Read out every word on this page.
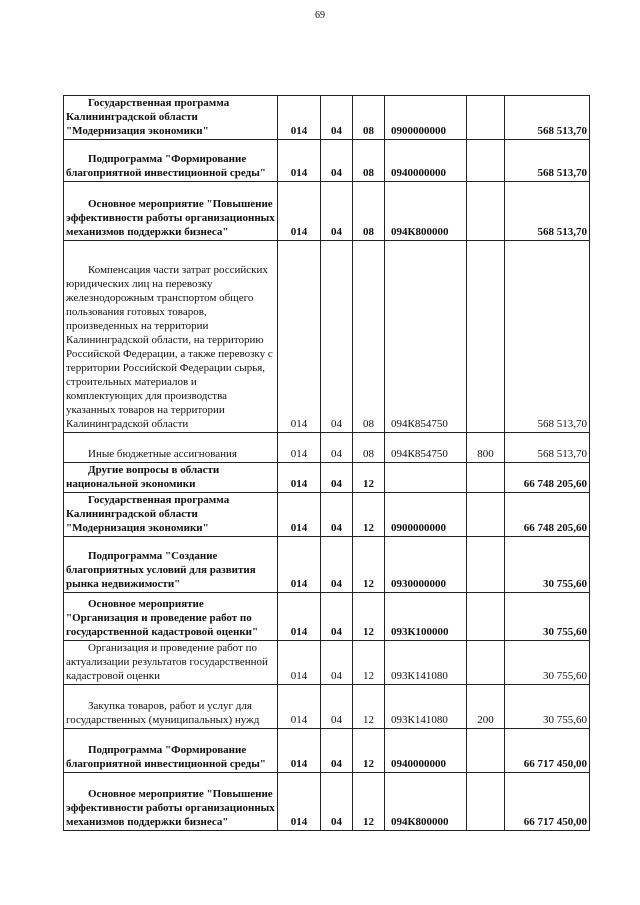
69
Государственная программа Калининградской области "Модернизация экономики"	014	04	08	0900000000		568 513,70

Подпрограмма "Формирование благоприятной инвестиционной среды"	014	04	08	0940000000		568 513,70

Основное мероприятие "Повышение эффективности работы организационных механизмов поддержки бизнеса"	014	04	08	094К800000		568 513,70

Компенсация части затрат российских юридических лиц на перевозку железнодорожным транспортом общего пользования готовых товаров, произведенных на территории Калининградской области, на территорию Российской Федерации, а также перевозку с территории Российской Федерации сырья, строительных материалов и комплектующих для производства указанных товаров на территории Калининградской области	014	04	08	094К854750		568 513,70

Иные бюджетные ассигнования	014	04	08	094К854750	800	568 513,70

Другие вопросы в области национальной экономики	014	04	12			66 748 205,60

Государственная программа Калининградской области "Модернизация экономики"	014	04	12	0900000000		66 748 205,60

Подпрограмма "Создание благоприятных условий для развития рынка недвижимости"	014	04	12	0930000000		30 755,60

Основное мероприятие "Организация и проведение работ по государственной кадастровой оценки"	014	04	12	093К100000		30 755,60

Организация и проведение работ по актуализации результатов государственной кадастровой оценки	014	04	12	093К141080		30 755,60

Закупка товаров, работ и услуг для государственных (муниципальных) нужд	014	04	12	093К141080	200	30 755,60

Подпрограмма "Формирование благоприятной инвестиционной среды"	014	04	12	0940000000		66 717 450,00

Основное мероприятие "Повышение эффективности работы организационных механизмов поддержки бизнеса"	014	04	12	094К800000		66 717 450,00
